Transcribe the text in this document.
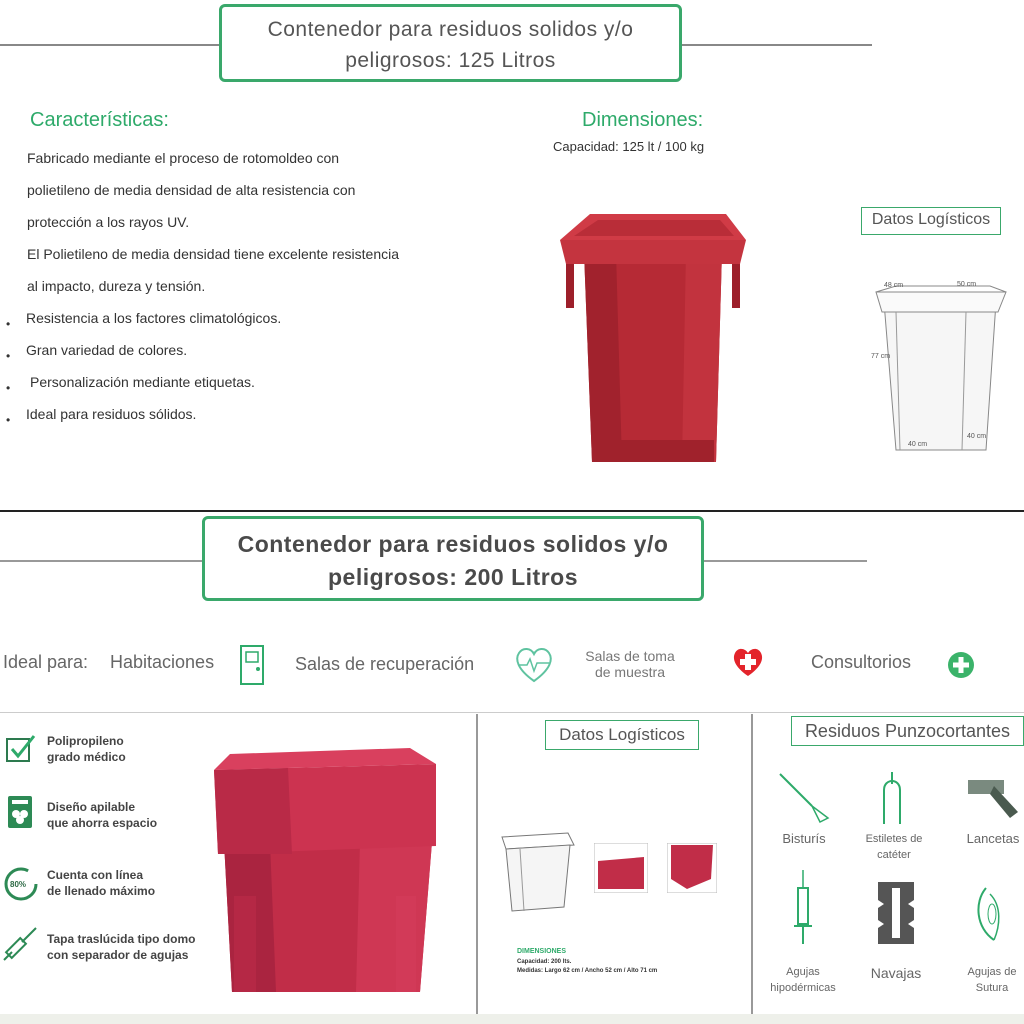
Contenedor para residuos solidos y/o
peligrosos: 125 Litros
Características:
Fabricado mediante el proceso de rotomoldeo con
polietileno de media densidad de alta resistencia con
protección a los rayos UV.
El Polietileno de media densidad tiene excelente resistencia
al impacto, dureza y tensión.
• Resistencia a los factores climatológicos.
• Gran variedad de colores.
• Personalización mediante etiquetas.
• Ideal para residuos sólidos.
Dimensiones:
Capacidad: 125 lt / 100 kg
Datos Logísticos
48 cm	50 cm
77 cm
40 cm
40 cm
Contenedor para residuos solidos y/o
peligrosos: 200 Litros
Ideal para: Habitaciones	Salas de recuperación	Salas de toma
de muestra	Consultorios
Polipropileno
grado médico
Diseño apilable
que ahorra espacio
80%
Cuenta con línea
de llenado máximo
Tapa traslúcida tipo domo
con separador de agujas
Datos Logísticos
DIMENSIONES
Capacidad: 200 lts.
Medidas: Largo 62 cm / Ancho 52 cm / Alto 71 cm
Residuos Punzocortantes
Bisturís	Estiletes de
catéter
Lancetas
Agujas
hipodérmicas
Navajas	Agujas de
Sutura
